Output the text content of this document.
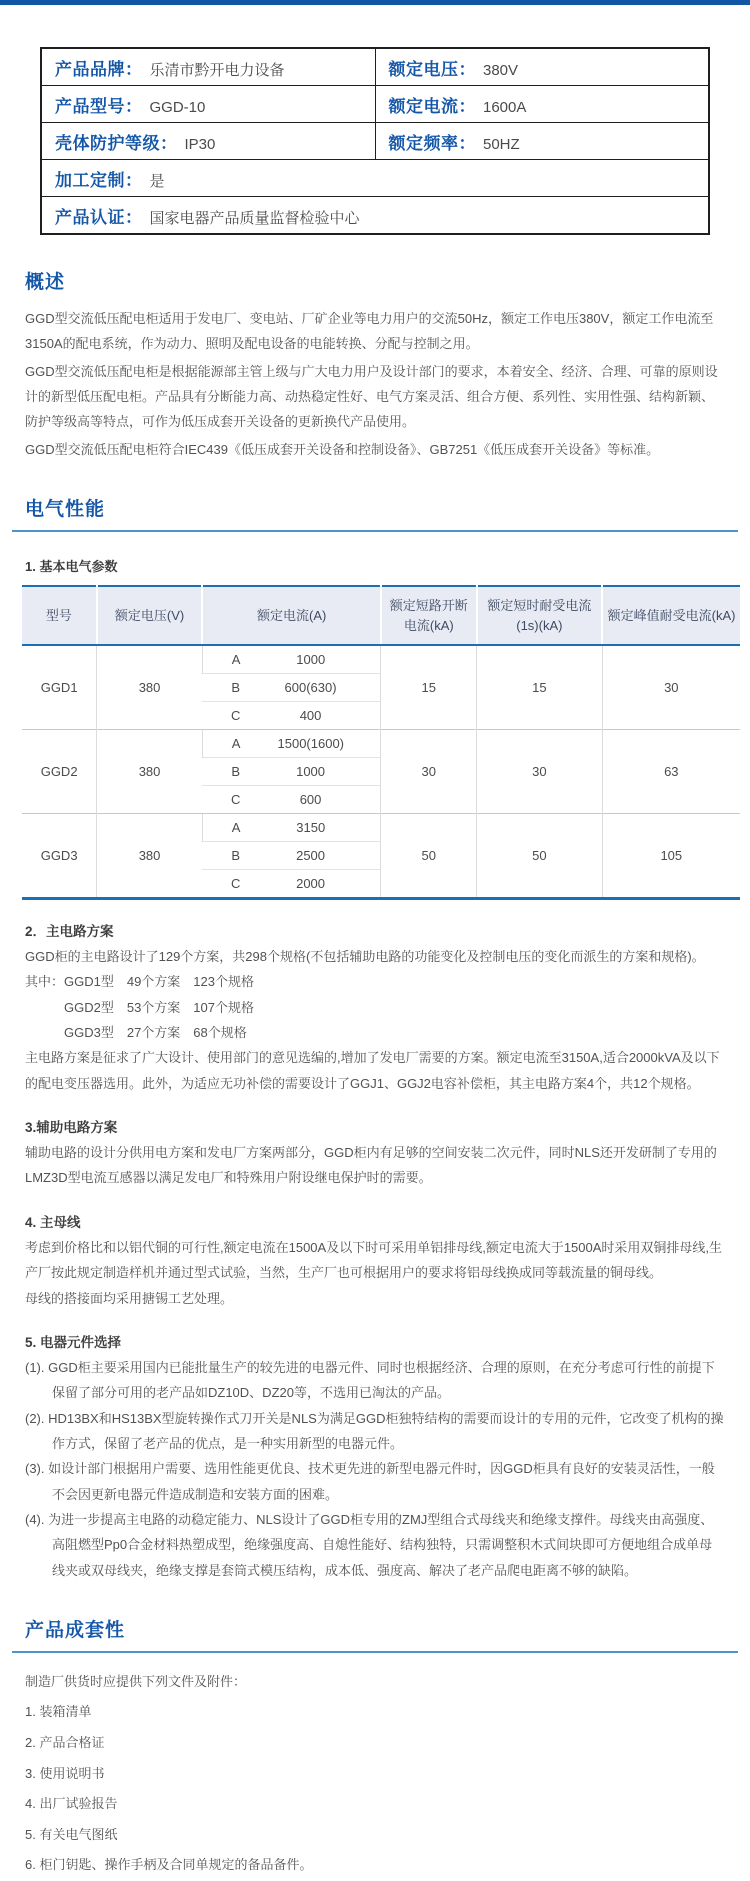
产品品牌： 乐清市黔开电力设备	额定电压： 380V
产品型号： GGD-10	额定电流： 1600A
壳体防护等级： IP30	额定频率： 50HZ
加工定制： 是	
产品认证： 国家电器产品质量监督检验中心	
概述

GGD型交流低压配电柜适用于发电厂、变电站、厂矿企业等电力用户的交流50Hz，额定工作电压380V，额定工作电流至3150A的配电系统，作为动力、照明及配电设备的电能转换、分配与控制之用。

GGD型交流低压配电柜是根据能源部主管上级与广大电力用户及设计部门的要求，本着安全、经济、合理、可靠的原则设计的新型低压配电柜。产品具有分断能力高、动热稳定性好、电气方案灵活、组合方便、系列性、实用性强、结构新颖、防护等级高等特点，可作为低压成套开关设备的更新换代产品使用。

GGD型交流低压配电柜符合IEC439《低压成套开关设备和控制设备》、GB7251《低压成套开关设备》等标准。

电气性能
1. 基本电气参数
型号	额定电压(V)	额定电流(A)	额定短路开断电流(kA)	额定短时耐受电流(1s)(kA)	额定峰值耐受电流(kA)
GGD1	380	A 1000	15	15	30

		B 600(630)			

		C 400			

GGD2	380	A 1500(1600)	30	30	63

		B 1000			

		C 600			

GGD3	380	A 3150	50	50	105

		B 2500			

		C 2000			
2．主电路方案
GGD柜的主电路设计了129个方案，共298个规格(不包括辅助电路的功能变化及控制电压的变化而派生的方案和规格)。
其中：GGD1型　49个方案　123个规格
　　　GGD2型　53个方案　107个规格
　　　GGD3型　27个方案　68个规格
主电路方案是征求了广大设计、使用部门的意见选编的,增加了发电厂需要的方案。额定电流至3150A,适合2000kVA及以下的配电变压器选用。此外，为适应无功补偿的需要设计了GGJ1、GGJ2电容补偿柜，其主电路方案4个，共12个规格。
3.辅助电路方案
辅助电路的设计分供用电方案和发电厂方案两部分，GGD柜内有足够的空间安装二次元件，同时NLS还开发研制了专用的LMZ3D型电流互感器以满足发电厂和特殊用户附设继电保护时的需要。
4. 主母线
考虑到价格比和以铝代铜的可行性,额定电流在1500A及以下时可采用单铝排母线,额定电流大于1500A时采用双铜排母线,生产厂按此规定制造样机并通过型式试验，当然，生产厂也可根据用户的要求将铝母线换成同等载流量的铜母线。
母线的搭接面均采用搪锡工艺处理。
5. 电器元件选择
(1). GGD柜主要采用国内已能批量生产的较先进的电器元件、同时也根据经济、合理的原则，在充分考虑可行性的前提下保留了部分可用的老产品如DZ10D、DZ20等，不选用已淘汰的产品。
(2). HD13BX和HS13BX型旋转操作式刀开关是NLS为满足GGD柜独特结构的需要而设计的专用的元件，它改变了机构的操作方式，保留了老产品的优点，是一种实用新型的电器元件。
(3). 如设计部门根据用户需要、选用性能更优良、技术更先进的新型电器元件时，因GGD柜具有良好的安装灵活性，一般不会因更新电器元件造成制造和安装方面的困难。
(4). 为进一步提高主电路的动稳定能力、NLS设计了GGD柜专用的ZMJ型组合式母线夹和绝缘支撑件。母线夹由高强度、高阻燃型Pp0合金材料热塑成型，绝缘强度高、自熄性能好、结构独特，只需调整积木式间块即可方便地组合成单母线夹或双母线夹，绝缘支撑是套筒式模压结构，成本低、强度高、解决了老产品爬电距离不够的缺陷。
产品成套性
制造厂供货时应提供下列文件及附件：
1. 装箱清单
2. 产品合格证
3. 使用说明书
4. 出厂试验报告
5. 有关电气图纸
6. 柜门钥匙、操作手柄及合同单规定的备品备件。
